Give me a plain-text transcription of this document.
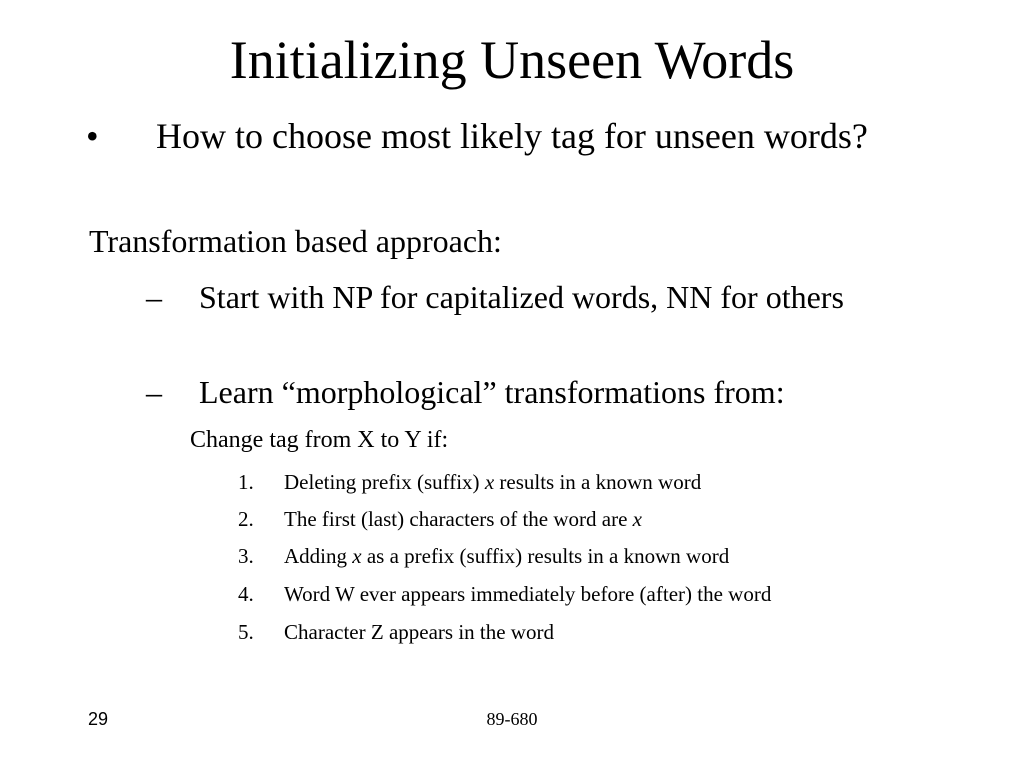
Initializing Unseen Words
• How to choose most likely tag for unseen words?
Transformation based approach:
– Start with NP for capitalized words, NN for others
– Learn “morphological” transformations from:
Change tag from X to Y if:
1. Deleting prefix (suffix) x results in a known word
2. The first (last) characters of the word are x
3. Adding x as a prefix (suffix) results in a known word
4. Word W ever appears immediately before (after) the word
5. Character Z appears in the word
29	89-680
